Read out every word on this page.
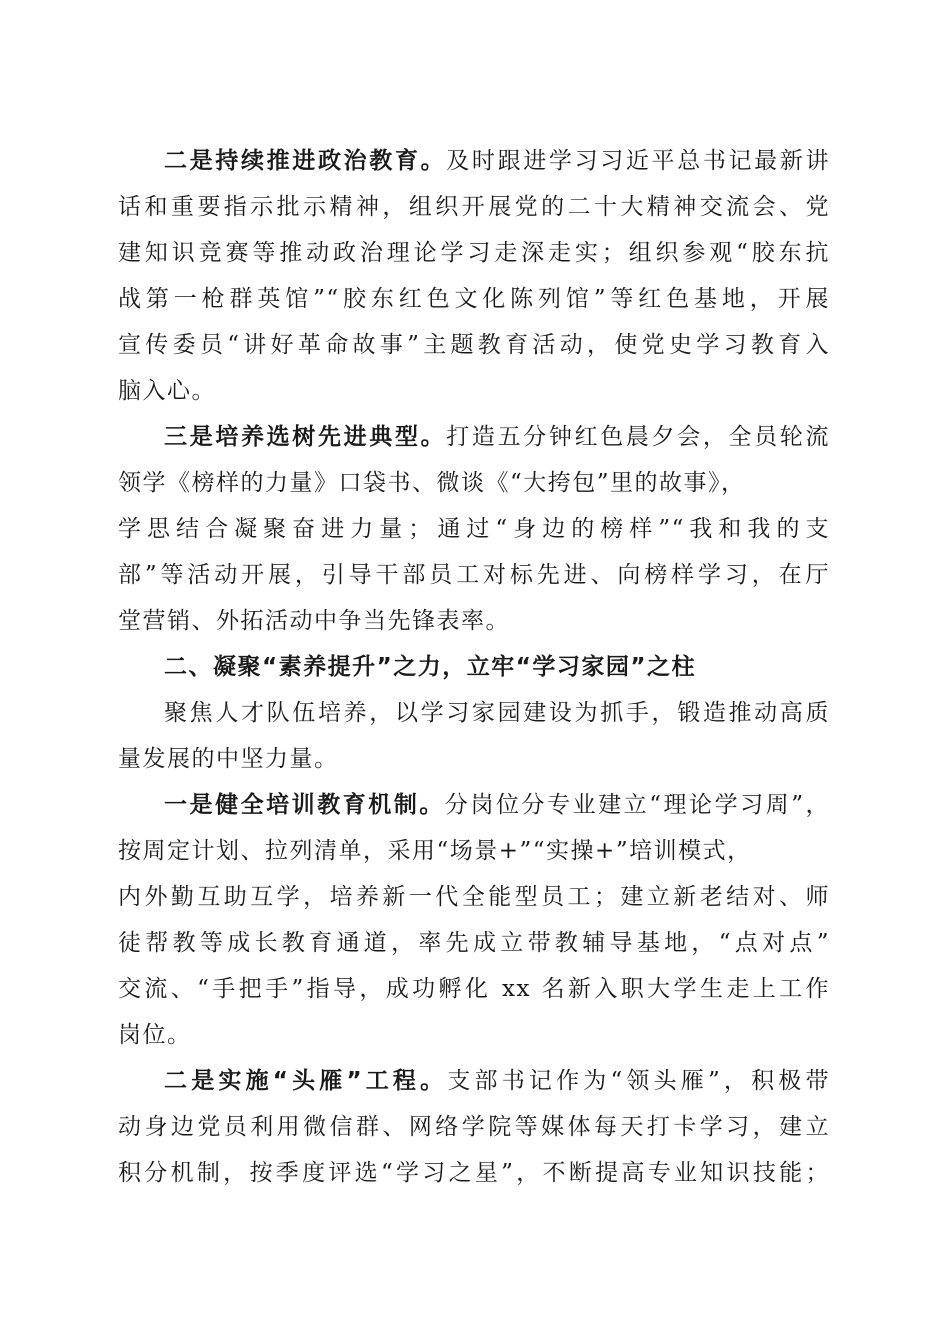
二是持续推进政治教育。及时跟进学习习近平总书记最新讲
话和重要指示批示精神，组织开展党的二十大精神交流会、党
建知识竞赛等推动政治理论学习走深走实；组织参观“胶东抗
战第一枪群英馆”“胶东红色文化陈列馆”等红色基地，开展
宣传委员“讲好革命故事”主题教育活动，使党史学习教育入
脑入心。
三是培养选树先进典型。打造五分钟红色晨夕会，全员轮流
领学《榜样的力量》口袋书、微谈《“大挎包”里的故事》，
学思结合凝聚奋进力量；通过“身边的榜样”“我和我的支
部”等活动开展，引导干部员工对标先进、向榜样学习，在厅
堂营销、外拓活动中争当先锋表率。
二、凝聚“素养提升”之力，立牢“学习家园”之柱
聚焦人才队伍培养，以学习家园建设为抓手，锻造推动高质
量发展的中坚力量。
一是健全培训教育机制。分岗位分专业建立“理论学习周”，
按周定计划、拉列清单，采用“场景+”“实操+”培训模式，
内外勤互助互学，培养新一代全能型员工；建立新老结对、师
徒帮教等成长教育通道，率先成立带教辅导基地，“点对点”
交流、“手把手”指导，成功孵化 xx 名新入职大学生走上工作
岗位。
二是实施“头雁”工程。支部书记作为“领头雁”，积极带
动身边党员利用微信群、网络学院等媒体每天打卡学习，建立
积分机制，按季度评选“学习之星”，不断提高专业知识技能；
